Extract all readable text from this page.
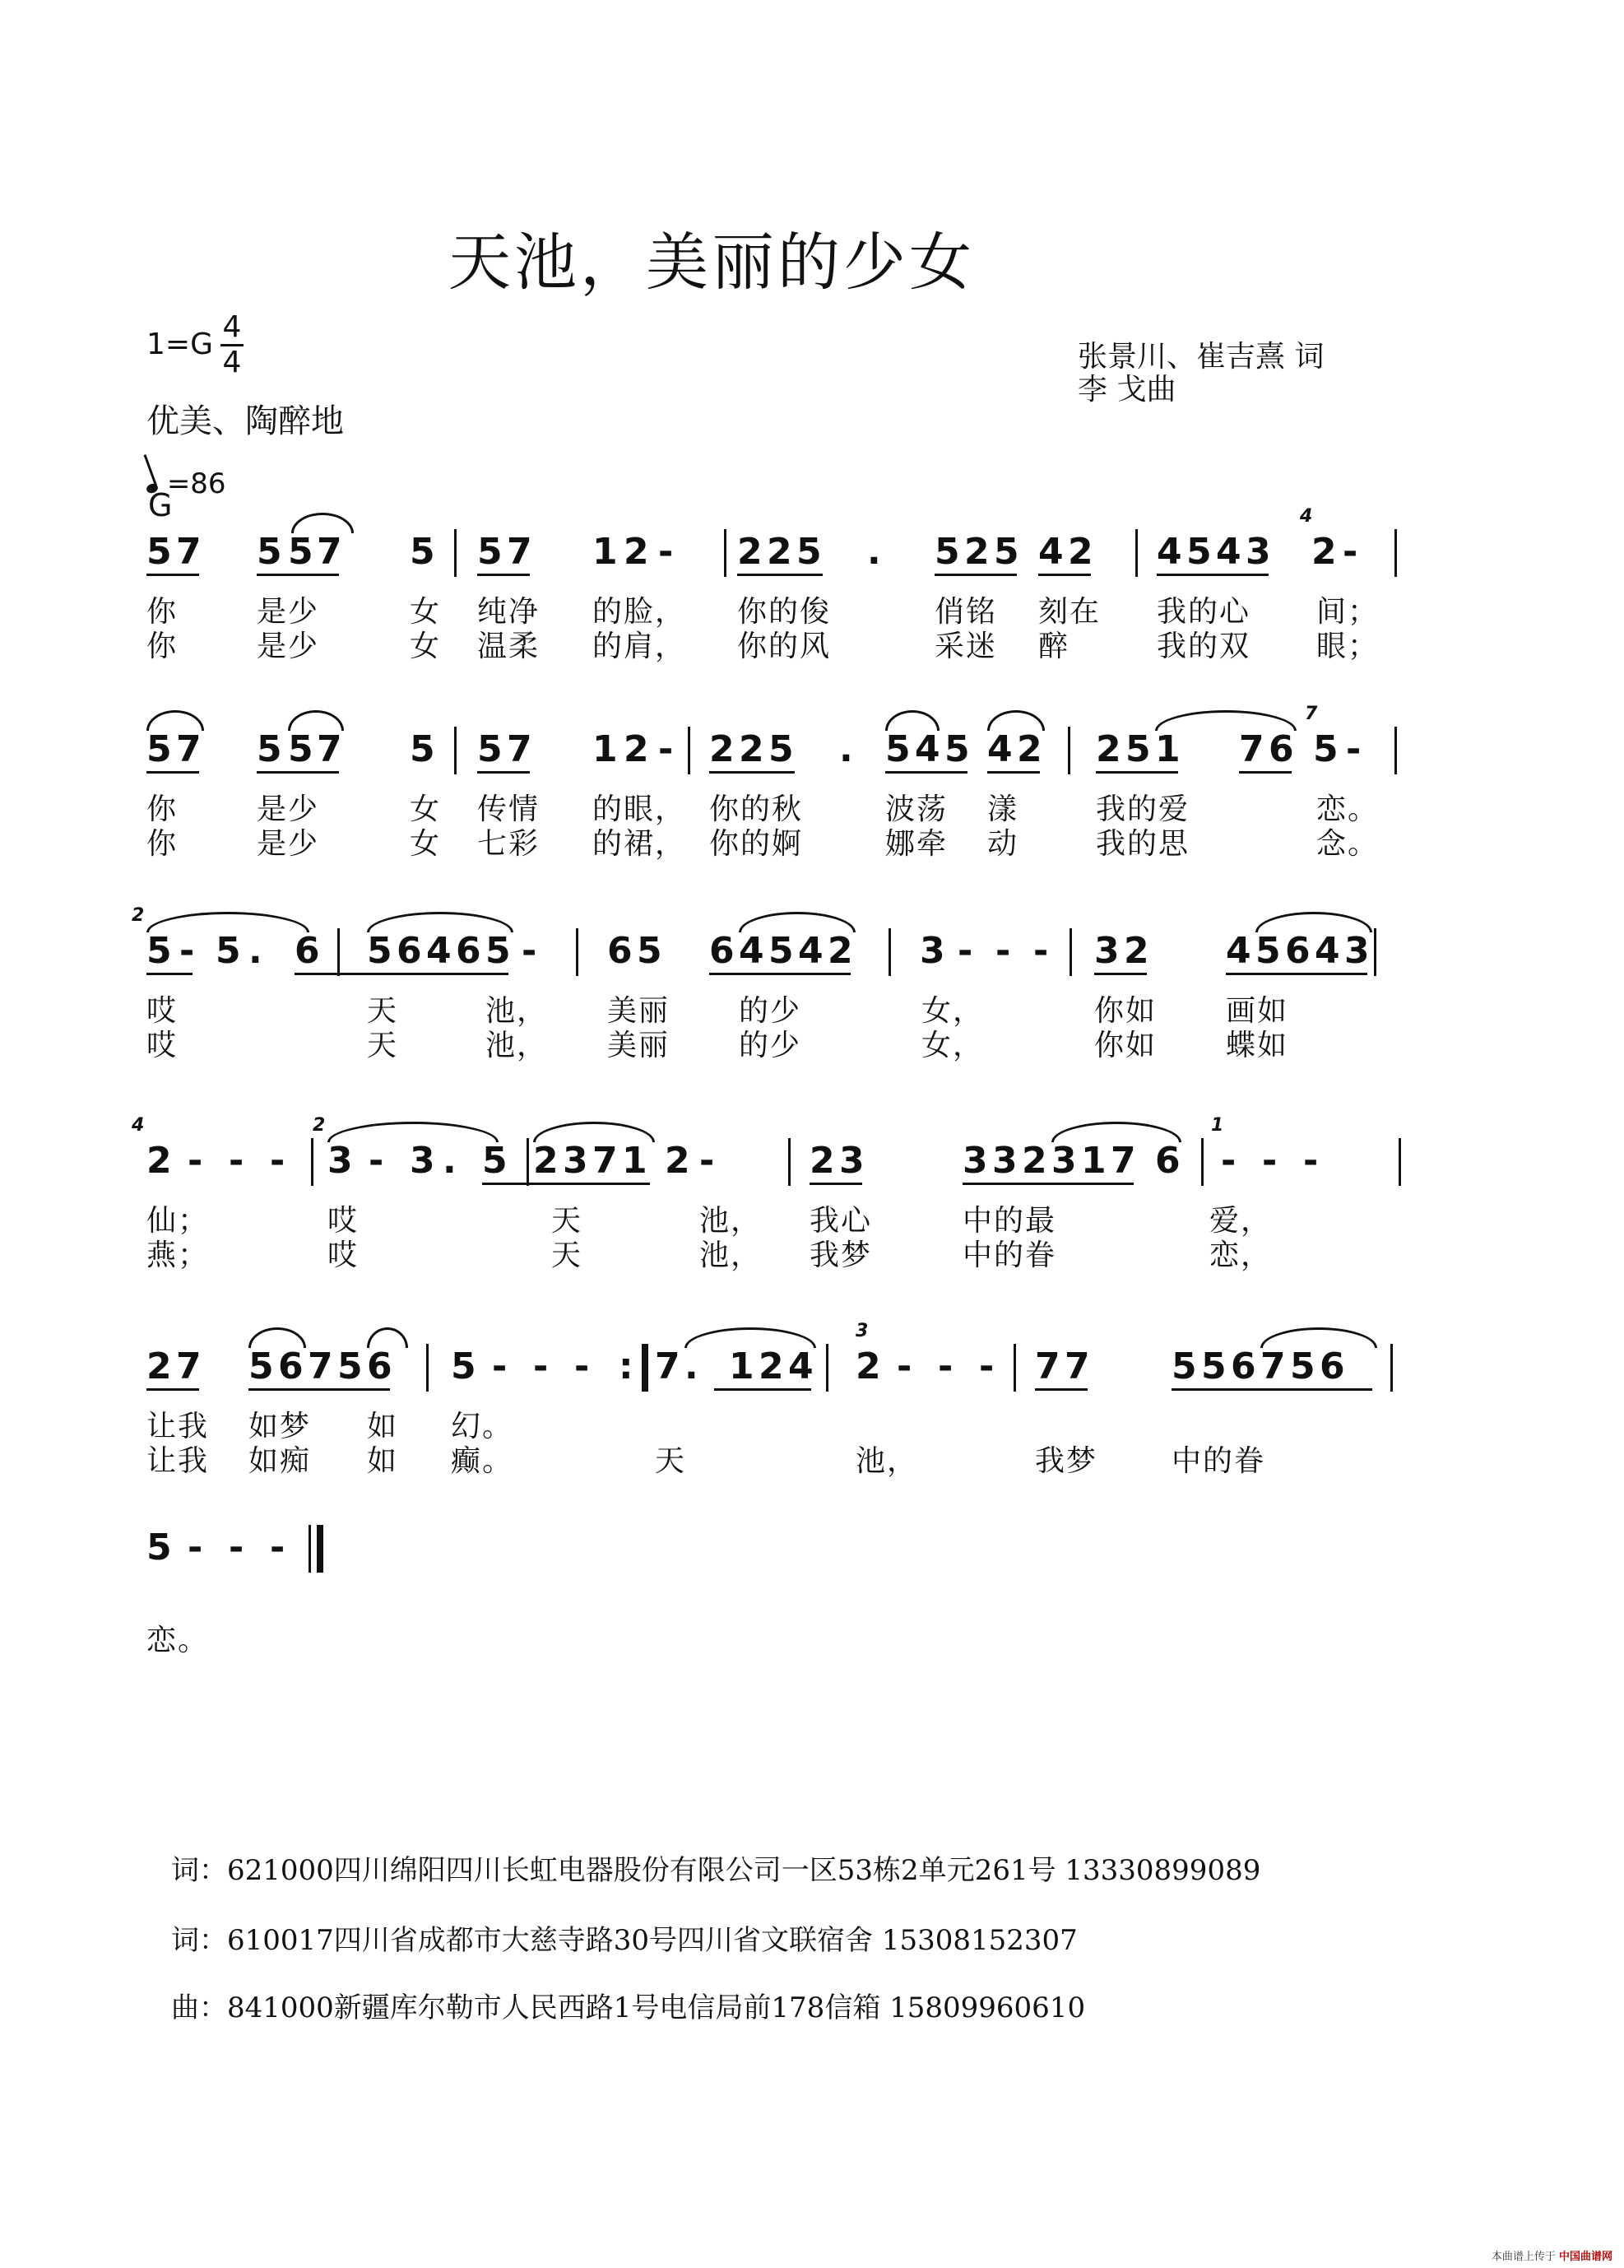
天池，美丽的少女
1=G
4
4
优美、陶醉地
=86
G
张景川、崔吉熹 词
李 戈曲
5 7 5 5 7 5 5 7 1 2 - 2 2 5 . 5 2 5 4 2 4 5 4 3 2 -
4
你	是少	女 纯净 的脸， 你的俊	俏铭 刻在 我的心 间；
你	是少	女 温柔 的肩， 你的风	采迷 醉	我的双 眼；
5 7 5 5 7 5 5 7 1 2 - 2 2 5 . 5 4 5 4 2 2 5 1 7 6 5 -
7
你	是少	女 传情 的眼， 你的秋	波荡 漾	我的爱	恋。
你	是少	女 七彩 的裙， 你的婀	娜牵 动	我的思	念。
5 - 5 . 6 5 6 4 6 5 - 6 5 6 4 5 4 2 3 - - - 3 2 4 5 6 4 3
2
哎	天	池， 美丽 的少	女，	你如 画如
哎	天	池， 美丽 的少	女，	你如 蝶如
2 - - - 3 - 3 . 5 2 3 7 1 2 -	2 3	3 3 2 3 1 7 6 - - -
4	2	1
仙；	哎	天	池， 我心	中的最	爱，
燕；	哎	天	池， 我梦	中的眷	恋，
2 7 5 6 7 5 6 5 - - - : 7 . 1 2 4 2 - - - 7 7 5 5 6 7 5 6
3
让我 如梦 如 幻。
让我 如痴 如 癫。	天	池，	我梦 中的眷
5 - - -
恋。
词：621000四川绵阳四川长虹电器股份有限公司一区53栋2单元261号 13330899089
词：610017四川省成都市大慈寺路30号四川省文联宿舍 15308152307
曲：841000新疆库尔勒市人民西路1号电信局前178信箱 15809960610
本曲谱上传于 中国曲谱网
